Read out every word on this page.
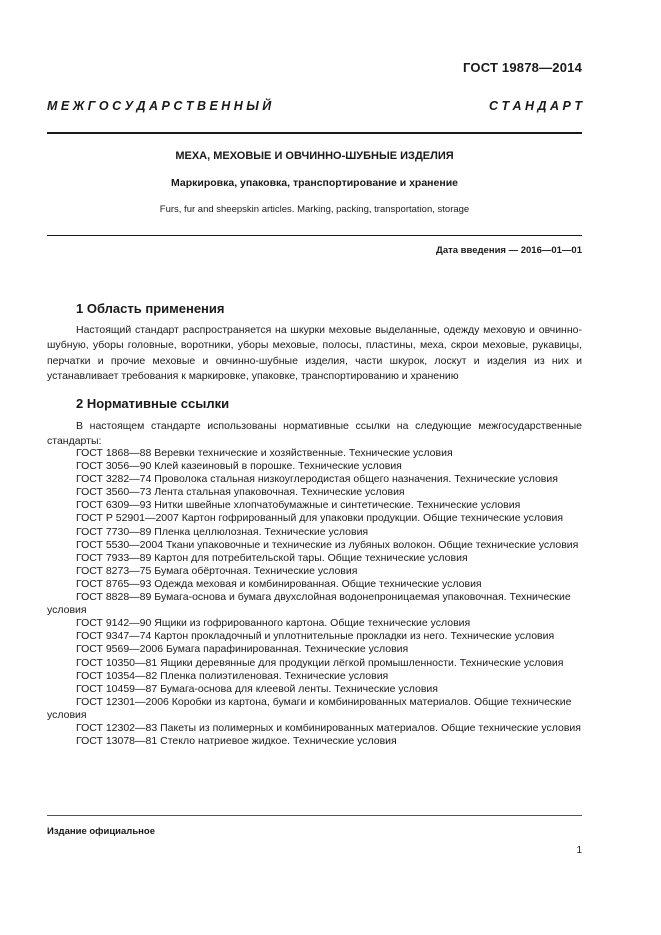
ГОСТ 19878—2014
М Е Ж Г О С У Д А Р С Т В Е Н Н Ы Й	С Т А Н Д А Р Т
МЕХА, МЕХОВЫЕ И ОВЧИННО-ШУБНЫЕ ИЗДЕЛИЯ
Маркировка, упаковка, транспортирование и хранение
Furs, fur and sheepskin articles. Marking, packing, transportation, storage
Дата введения — 2016—01—01
1 Область применения

Настоящий стандарт распространяется на шкурки меховые выделанные, одежду меховую и овчинно-шубную, уборы головные, воротники, уборы меховые, полосы, пластины, меха, скрои меховые, рукавицы, перчатки и прочие меховые и овчинно-шубные изделия, части шкурок, лоскут и изделия из них и устанавливает требования к маркировке, упаковке, транспортированию и хранению

2 Нормативные ссылки

В настоящем стандарте использованы нормативные ссылки на следующие межгосударственные стандарты:

ГОСТ 1868—88 Веревки технические и хозяйственные. Технические условия
ГОСТ 3056—90 Клей казеиновый в порошке. Технические условия
ГОСТ 3282—74 Проволока стальная низкоуглеродистая общего назначения. Технические условия
ГОСТ 3560—73 Лента стальная упаковочная. Технические условия
ГОСТ 6309—93 Нитки швейные хлопчатобумажные и синтетические. Технические условия
ГОСТ Р 52901—2007 Картон гофрированный для упаковки продукции. Общие технические условия
ГОСТ 7730—89 Пленка целлюлозная. Технические условия
ГОСТ 5530—2004 Ткани упаковочные и технические из лубяных волокон. Общие технические условия
ГОСТ 7933—89 Картон для потребительской тары. Общие технические условия
ГОСТ 8273—75 Бумага обёрточная. Технические условия
ГОСТ 8765—93 Одежда меховая и комбинированная. Общие технические условия
ГОСТ 8828—89 Бумага-основа и бумага двухслойная водонепроницаемая упаковочная. Технические условия
ГОСТ 9142—90 Ящики из гофрированного картона. Общие технические условия
ГОСТ 9347—74 Картон прокладочный и уплотнительные прокладки из него. Технические условия
ГОСТ 9569—2006 Бумага парафинированная. Технические условия
ГОСТ 10350—81 Ящики деревянные для продукции лёгкой промышленности. Технические условия
ГОСТ 10354—82 Пленка полиэтиленовая. Технические условия
ГОСТ 10459—87 Бумага-основа для клеевой ленты. Технические условия
ГОСТ 12301—2006 Коробки из картона, бумаги и комбинированных материалов. Общие технические условия
ГОСТ 12302—83 Пакеты из полимерных и комбинированных материалов. Общие технические условия
ГОСТ 13078—81 Стекло натриевое жидкое. Технические условия
Издание официальное
1
